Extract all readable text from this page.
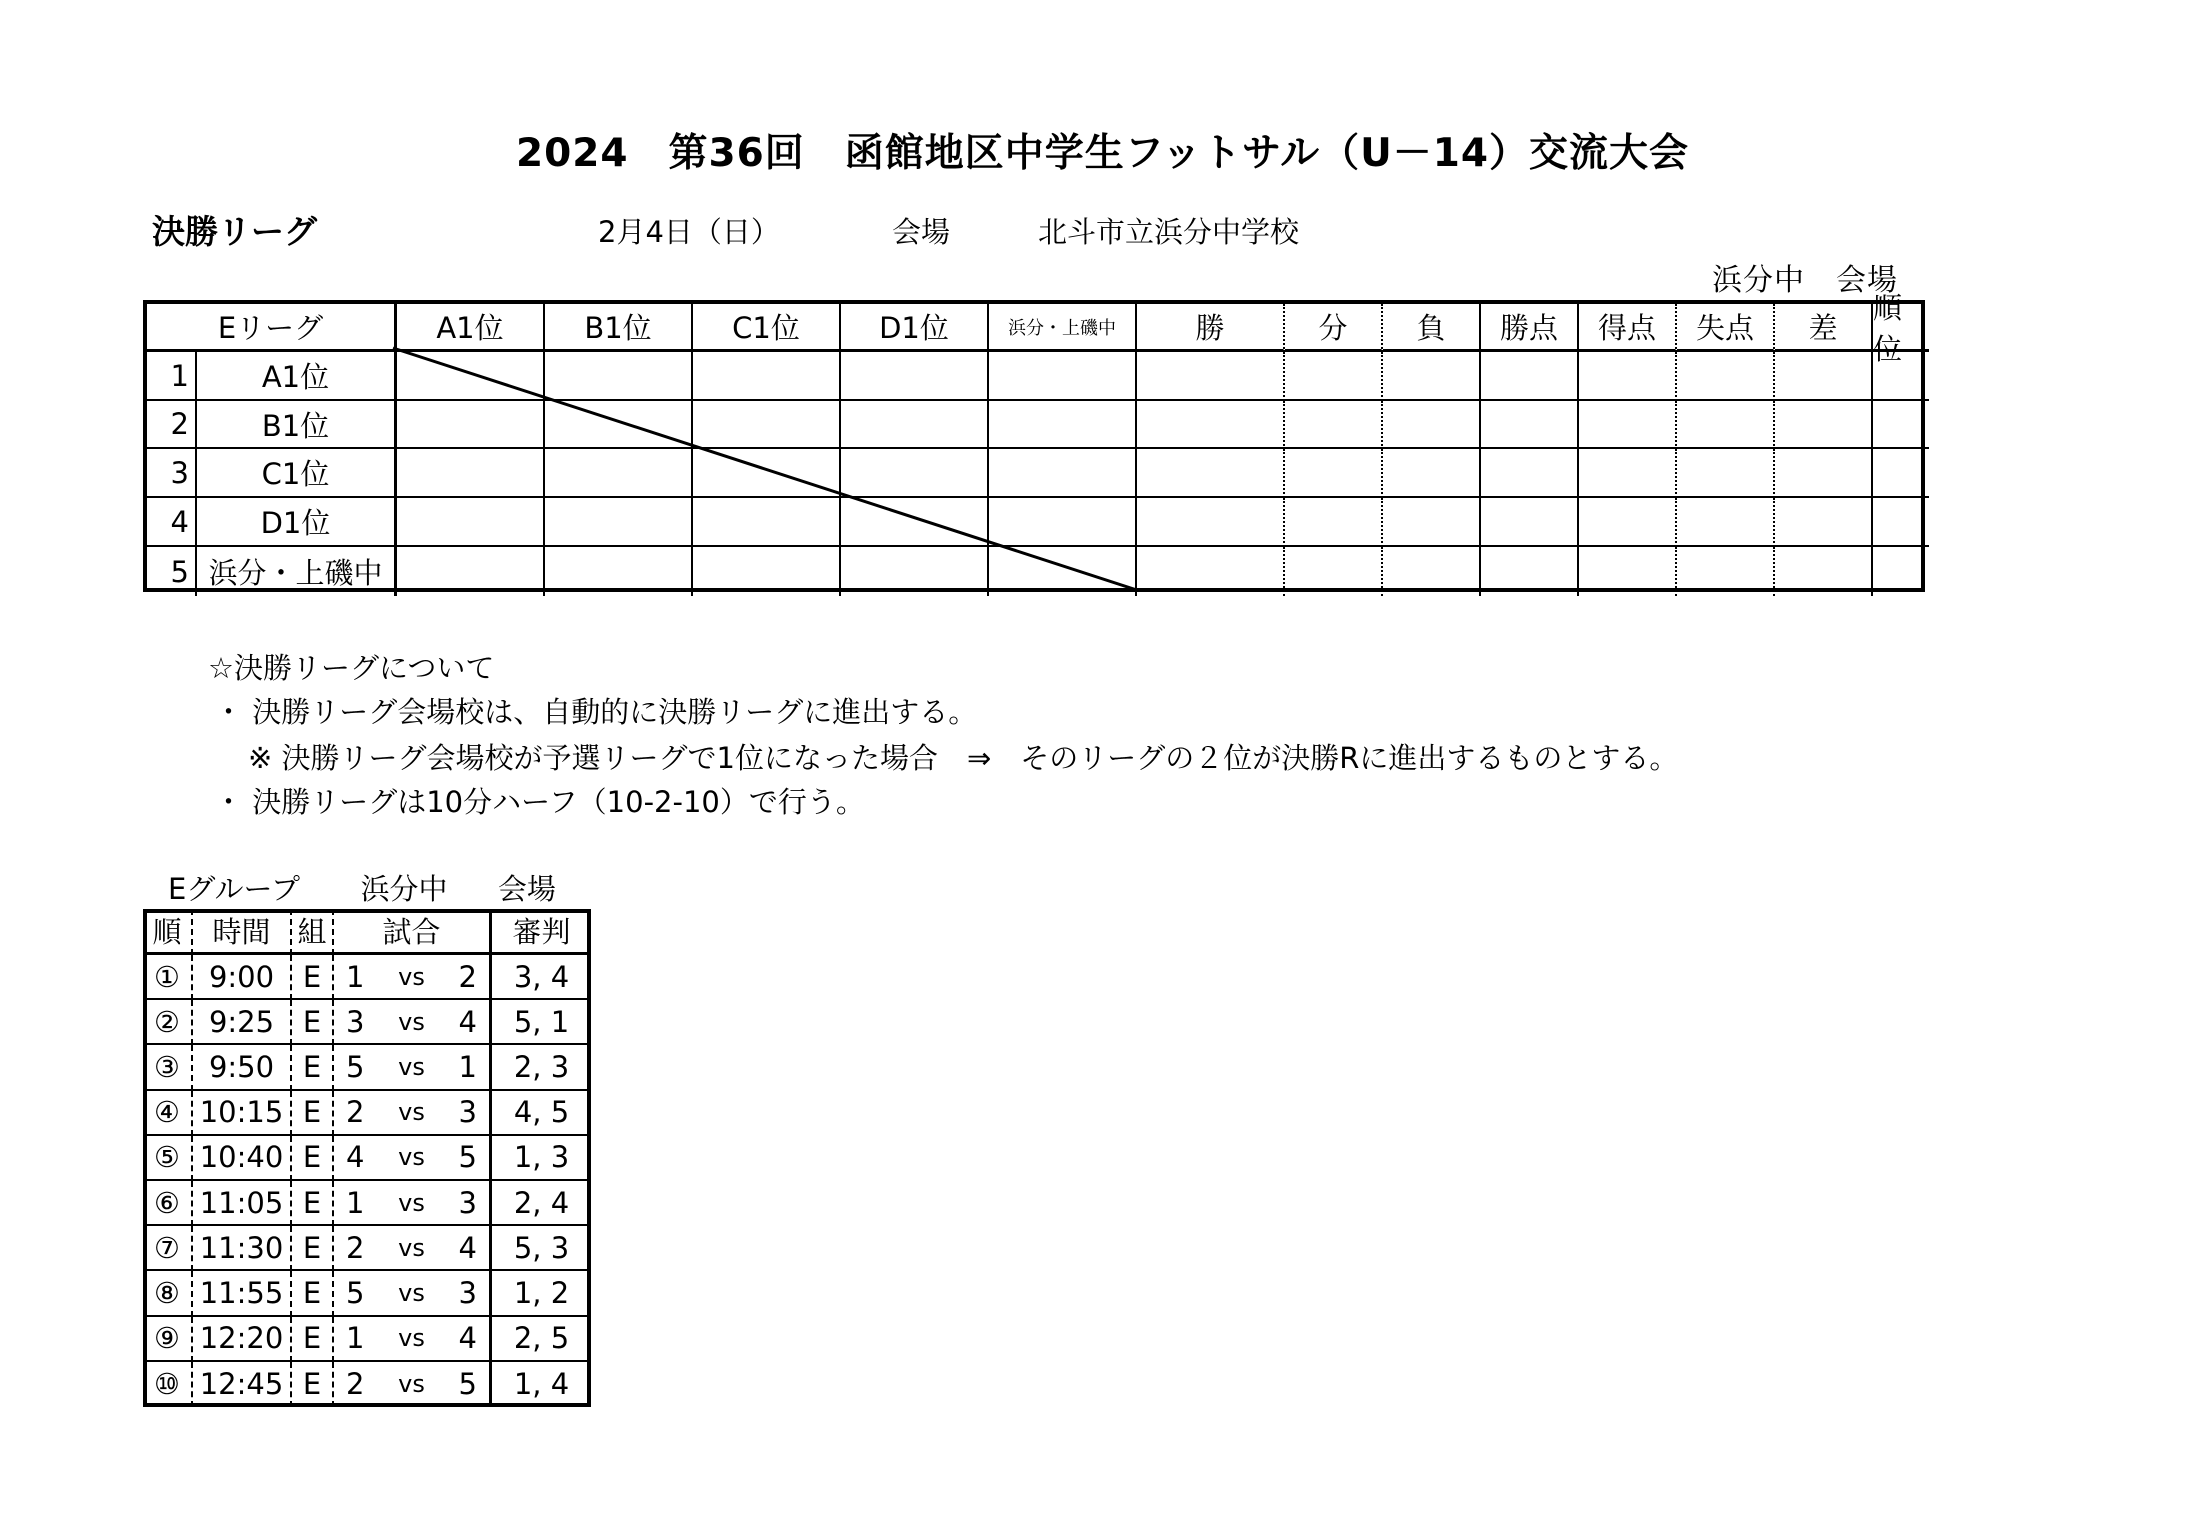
2024　第36回　函館地区中学生フットサル（U－14）交流大会
決勝リーグ	2月4日（日）	会場	北斗市立浜分中学校
浜分中　会場
Eリーグ	A1位	B1位	C1位	D1位	浜分・上磯中	勝	分	負	勝点	得点	失点	差
順位
1	A1位
2	B1位
3	C1位
4	D1位
5 浜分・上磯中
☆決勝リーグについて
・ 決勝リーグ会場校は、自動的に決勝リーグに進出する。
※ 決勝リーグ会場校が予選リーグで1位になった場合　⇒　そのリーグの２位が決勝Rに進出するものとする。
・ 決勝リーグは10分ハーフ（10-2-10）で行う。
Eグループ 浜分中 会場
順	時間 組	試合	審判
① 9:00 E 1 vs 2	3, 4
② 9:25 E 3 vs 4	5, 1
③ 9:50 E 5 vs 1	2, 3
④ 10:15 E 2 vs 3	4, 5
⑤ 10:40 E 4 vs 5	1, 3
⑥ 11:05 E 1 vs 3	2, 4
⑦ 11:30 E 2 vs 4	5, 3
⑧ 11:55 E 5 vs 3	1, 2
⑨ 12:20 E 1 vs 4	2, 5
⑩ 12:45 E 2 vs 5	1, 4
